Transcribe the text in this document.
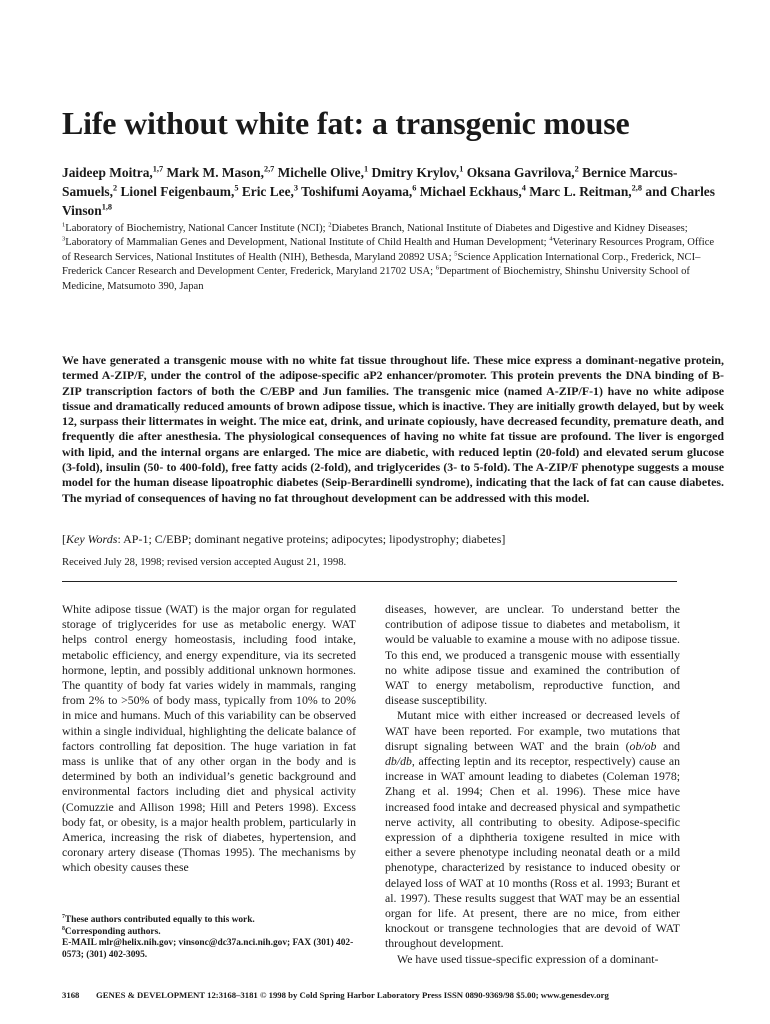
Life without white fat: a transgenic mouse

Jaideep Moitra,$^{1,7}$ Mark M. Mason,$^{2,7}$ Michelle Olive,$^1$ Dmitry Krylov,$^1$ Oksana Gavrilova,$^2$ Bernice Marcus-Samuels,$^2$ Lionel Feigenbaum,$^5$ Eric Lee,$^3$ Toshifumi Aoyama,$^6$ Michael Eckhaus,$^4$ Marc L. Reitman,$^{2,8}$ and Charles Vinson$^{1,8}$

$^1$Laboratory of Biochemistry, National Cancer Institute (NCI); $^2$Diabetes Branch, National Institute of Diabetes and Digestive and Kidney Diseases; $^3$Laboratory of Mammalian Genes and Development, National Institute of Child Health and Human Development; $^4$Veterinary Resources Program, Office of Research Services, National Institutes of Health (NIH), Bethesda, Maryland 20892 USA; $^5$Science Application International Corp., Frederick, NCI–Frederick Cancer Research and Development Center, Frederick, Maryland 21702 USA; $^6$Department of Biochemistry, Shinshu University School of Medicine, Matsumoto 390, Japan

We have generated a transgenic mouse with no white fat tissue throughout life. These mice express a dominant-negative protein, termed A-ZIP/F, under the control of the adipose-specific aP2 enhancer/promoter. This protein prevents the DNA binding of B-ZIP transcription factors of both the C/EBP and Jun families. The transgenic mice (named A-ZIP/F-1) have no white adipose tissue and dramatically reduced amounts of brown adipose tissue, which is inactive. They are initially growth delayed, but by week 12, surpass their littermates in weight. The mice eat, drink, and urinate copiously, have decreased fecundity, premature death, and frequently die after anesthesia. The physiological consequences of having no white fat tissue are profound. The liver is engorged with lipid, and the internal organs are enlarged. The mice are diabetic, with reduced leptin (20-fold) and elevated serum glucose (3-fold), insulin (50- to 400-fold), free fatty acids (2-fold), and triglycerides (3- to 5-fold). The A-ZIP/F phenotype suggests a mouse model for the human disease lipoatrophic diabetes (Seip-Berardinelli syndrome), indicating that the lack of fat can cause diabetes. The myriad of consequences of having no fat throughout development can be addressed with this model.

[Key Words: AP-1; C/EBP; dominant negative proteins; adipocytes; lipodystrophy; diabetes]

Received July 28, 1998; revised version accepted August 21, 1998.

White adipose tissue (WAT) is the major organ for regulated storage of triglycerides for use as metabolic energy. WAT helps control energy homeostasis, including food intake, metabolic efficiency, and energy expenditure, via its secreted hormone, leptin, and possibly additional unknown hormones. The quantity of body fat varies widely in mammals, ranging from 2% to >50% of body mass, typically from 10% to 20% in mice and humans. Much of this variability can be observed within a single individual, highlighting the delicate balance of factors controlling fat deposition. The huge variation in fat mass is unlike that of any other organ in the body and is determined by both an individual’s genetic background and environmental factors including diet and physical activity (Comuzzie and Allison 1998; Hill and Peters 1998). Excess body fat, or obesity, is a major health problem, particularly in America, increasing the risk of diabetes, hypertension, and coronary artery disease (Thomas 1995). The mechanisms by which obesity causes these

diseases, however, are unclear. To understand better the contribution of adipose tissue to diabetes and metabolism, it would be valuable to examine a mouse with no adipose tissue. To this end, we produced a transgenic mouse with essentially no white adipose tissue and examined the contribution of WAT to energy metabolism, reproductive function, and disease susceptibility.

Mutant mice with either increased or decreased levels of WAT have been reported. For example, two mutations that disrupt signaling between WAT and the brain (ob/ob and db/db, affecting leptin and its receptor, respectively) cause an increase in WAT amount leading to diabetes (Coleman 1978; Zhang et al. 1994; Chen et al. 1996). These mice have increased food intake and decreased physical and sympathetic nerve activity, all contributing to obesity. Adipose-specific expression of a diphtheria toxigene resulted in mice with either a severe phenotype including neonatal death or a mild phenotype, characterized by resistance to induced obesity or delayed loss of WAT at 10 months (Ross et al. 1993; Burant et al. 1997). These results suggest that WAT may be an essential organ for life. At present, there are no mice, from either knockout or transgene technologies that are devoid of WAT throughout development.

We have used tissue-specific expression of a dominant-

$^7$These authors contributed equally to this work.
$^8$Corresponding authors.
E-MAIL mlr@helix.nih.gov; vinsonc@dc37a.nci.nih.gov; FAX (301) 402-0573; (301) 402-3095.

3168 GENES & DEVELOPMENT 12:3168–3181 © 1998 by Cold Spring Harbor Laboratory Press ISSN 0890-9369/98 $5.00; www.genesdev.org
